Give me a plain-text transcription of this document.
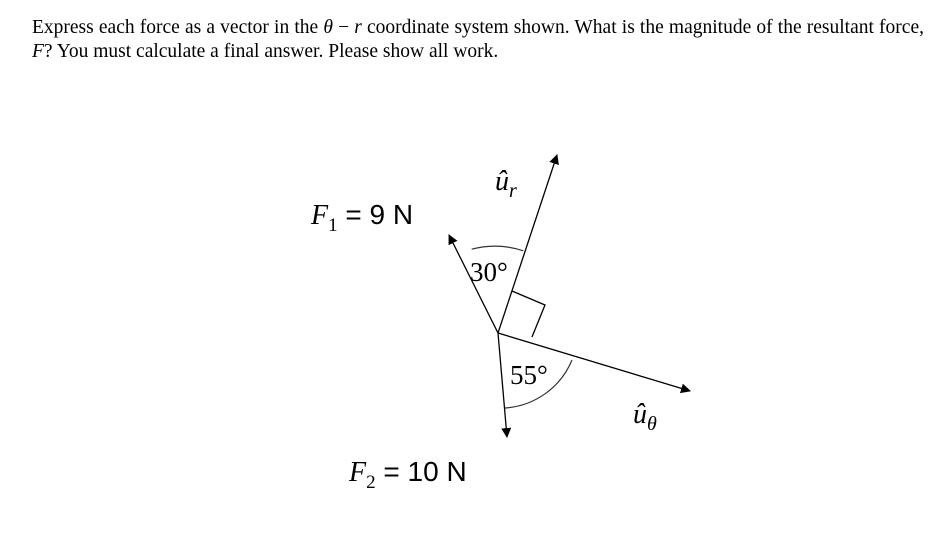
Express each force as a vector in the θ − r coordinate system shown. What is the magnitude of the resultant force, F? You must calculate a final answer. Please show all work.
30°
55°
$F_1 = 9$ N
$F_2 = 10$ N
$û_r$
$û_\theta$
